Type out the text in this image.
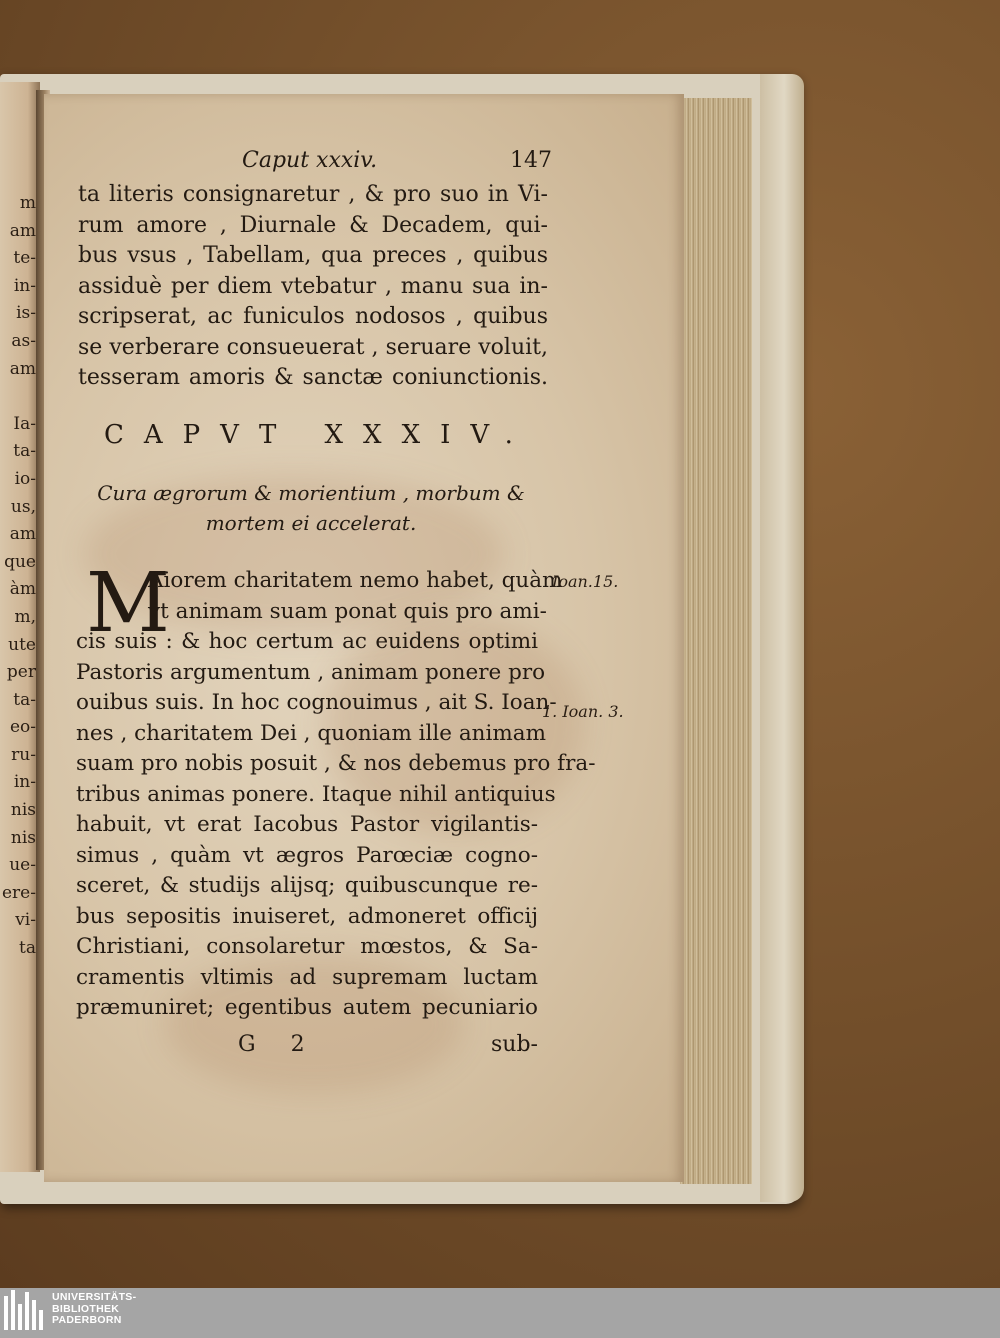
m
am
te-
in-
is-
as-
am
Ia-
ta-
io-
us,
am
que
àm
m,
ute
per
ta-
eo-
ru-
in-
nis
nis
ue-
ere-
vi-
ta
Caput xxxiv.	147
ta literis consignaretur , & pro suo in Vi-
rum amore , Diurnale & Decadem, qui-
bus vsus , Tabellam, qua preces , quibus
assiduè per diem vtebatur , manu sua in-
scripserat, ac funiculos nodosos , quibus
se verberare consueuerat , seruare voluit,
tesseram amoris & sanctæ coniunctionis.
CAPVT XXXIV.
Cura ægrorum & morientium , morbum &
mortem ei accelerat.
M
Aiorem charitatem nemo habet, quàm
vt animam suam ponat quis pro ami-
cis suis : & hoc certum ac euidens optimi
Pastoris argumentum , animam ponere pro
ouibus suis. In hoc cognouimus , ait S. Ioan-
nes , charitatem Dei , quoniam ille animam
suam pro nobis posuit , & nos debemus pro fra-
tribus animas ponere. Itaque nihil antiquius
habuit, vt erat Iacobus Pastor vigilantis-
simus , quàm vt ægros Parœciæ cogno-
sceret, & studijs alijsq; quibuscunque re-
bus sepositis inuiseret, admoneret officij
Christiani, consolaretur mœstos, & Sa-
cramentis vltimis ad supremam luctam
præmuniret; egentibus autem pecuniario
Ioan.15.
1. Ioan. 3.
G 2	sub-
UNIVERSITÄTS-
BIBLIOTHEK
PADERBORN
